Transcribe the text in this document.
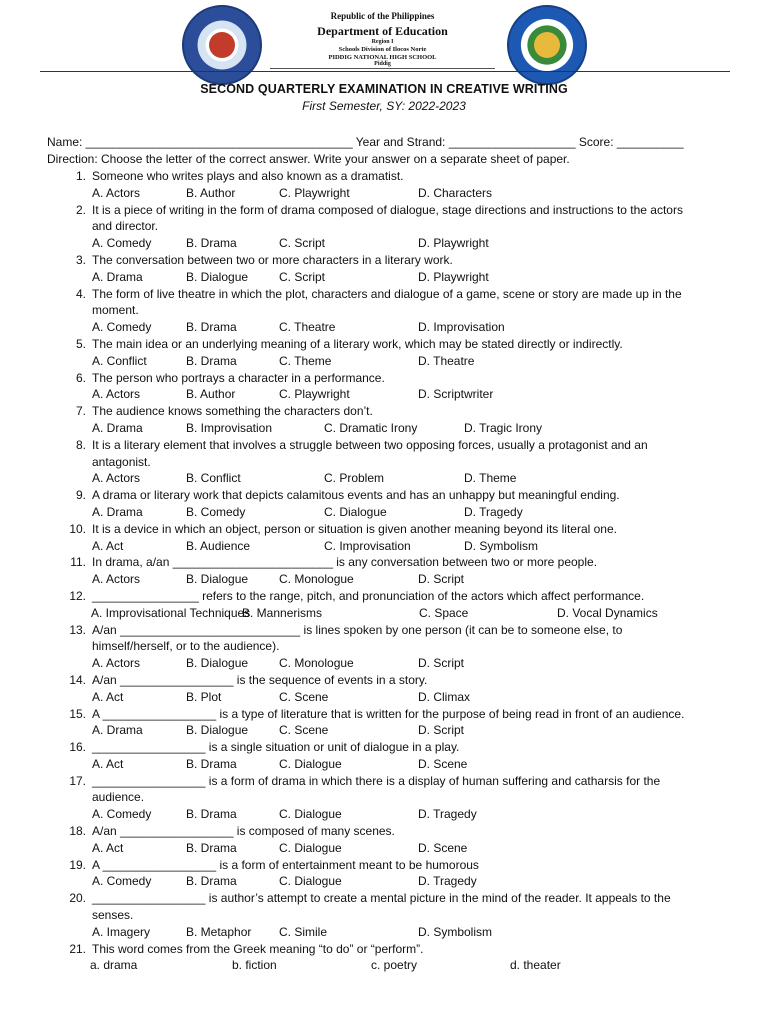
Republic of the Philippines
Department of Education
Region I
Schools Division of Ilocos Norte
PIDDIG NATIONAL HIGH SCHOOL
Piddig
SECOND QUARTERLY EXAMINATION IN CREATIVE WRITING
First Semester, SY: 2022-2023
Name: ________________________________________ Year and Strand: ___________________ Score: __________
Direction: Choose the letter of the correct answer. Write your answer on a separate sheet of paper.
1. Someone who writes plays and also known as a dramatist.
A. Actors	B. Author	C. Playwright	D. Characters
2. It is a piece of writing in the form of drama composed of dialogue, stage directions and instructions to the actors
and director.
A. Comedy	B. Drama	C. Script	D. Playwright
3. The conversation between two or more characters in a literary work.
A. Drama	B. Dialogue	C. Script	D. Playwright
4. The form of live theatre in which the plot, characters and dialogue of a game, scene or story are made up in the
moment.
A. Comedy	B. Drama	C. Theatre	D. Improvisation
5. The main idea or an underlying meaning of a literary work, which may be stated directly or indirectly.
A. Conflict	B. Drama	C. Theme	D. Theatre
6. The person who portrays a character in a performance.
A. Actors	B. Author	C. Playwright	D. Scriptwriter
7. The audience knows something the characters don’t.
A. Drama	B. Improvisation	C. Dramatic Irony	D. Tragic Irony
8. It is a literary element that involves a struggle between two opposing forces, usually a protagonist and an
antagonist.
A. Actors	B. Conflict	C. Problem	D. Theme
9. A drama or literary work that depicts calamitous events and has an unhappy but meaningful ending.
A. Drama	B. Comedy	C. Dialogue	D. Tragedy
10. It is a device in which an object, person or situation is given another meaning beyond its literal one.
A. Act	B. Audience	C. Improvisation	D. Symbolism
11. In drama, a/an ________________________ is any conversation between two or more people.
A. Actors	B. Dialogue	C. Monologue	D. Script
12. ________________ refers to the range, pitch, and pronunciation of the actors which affect performance.
A. Improvisational Techniques
B. Mannerisms	C. Space	D. Vocal Dynamics
13. A/an ___________________________ is lines spoken by one person (it can be to someone else, to
himself/herself, or to the audience).
A. Actors	B. Dialogue	C. Monologue	D. Script
14. A/an _________________ is the sequence of events in a story.
A. Act	B. Plot	C. Scene	D. Climax
15. A _________________ is a type of literature that is written for the purpose of being read in front of an audience.
A. Drama	B. Dialogue	C. Scene	D. Script
16. _________________ is a single situation or unit of dialogue in a play.
A. Act	B. Drama	C. Dialogue	D. Scene
17. _________________ is a form of drama in which there is a display of human suffering and catharsis for the
audience.
A. Comedy	B. Drama	C. Dialogue	D. Tragedy
18. A/an _________________ is composed of many scenes.
A. Act	B. Drama	C. Dialogue	D. Scene
19. A _________________ is a form of entertainment meant to be humorous
A. Comedy	B. Drama	C. Dialogue	D. Tragedy
20. _________________ is author’s attempt to create a mental picture in the mind of the reader. It appeals to the
senses.
A. Imagery	B. Metaphor C. Simile	D. Symbolism
21. This word comes from the Greek meaning “to do” or “perform”.
a. drama	b. fiction	c. poetry	d. theater
